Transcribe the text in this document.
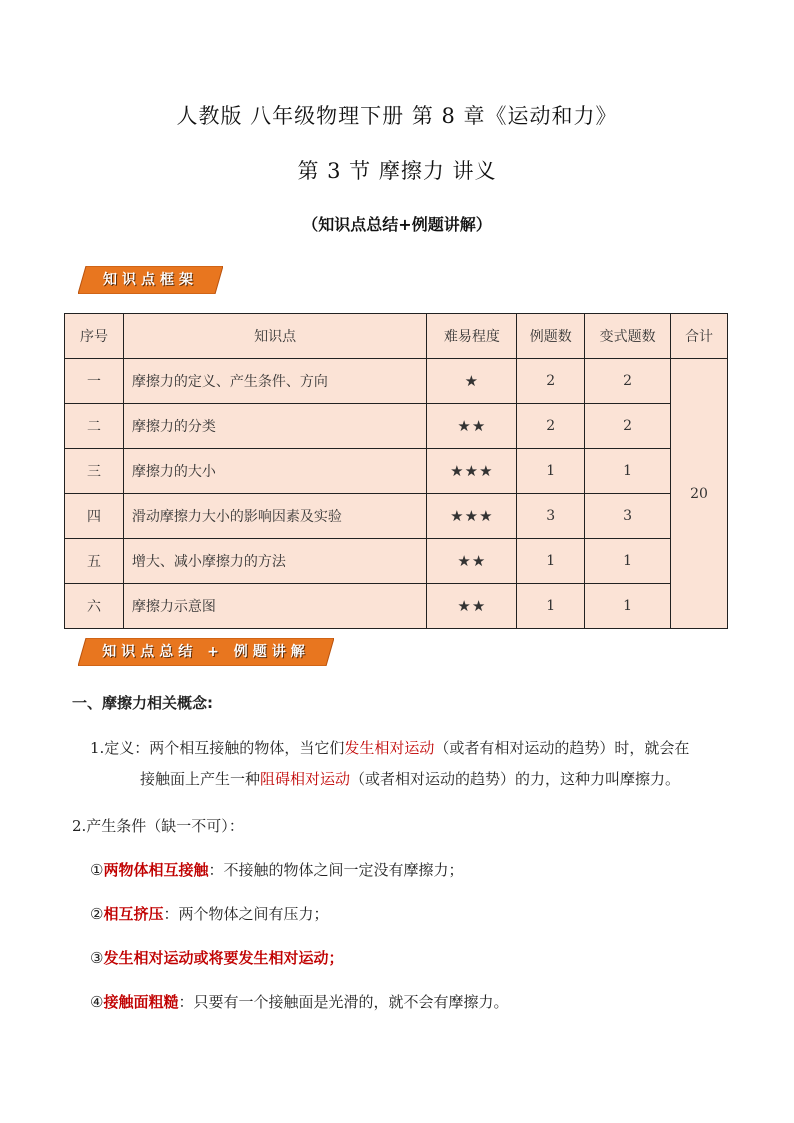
人教版 八年级物理下册 第 8 章《运动和力》
第 3 节 摩擦力 讲义
（知识点总结+例题讲解）
知识点框架
序号	知识点	难易程度	例题数	变式题数	合计
一	摩擦力的定义、产生条件、方向	★	2	2	20
二	摩擦力的分类	★★	2	2	
三	摩擦力的大小	★★★	1	1	
四	滑动摩擦力大小的影响因素及实验	★★★	3	3	
五	增大、减小摩擦力的方法	★★	1	1	
六	摩擦力示意图	★★	1	1	
知识点总结 + 例题讲解
一、摩擦力相关概念:
1.定义：两个相互接触的物体，当它们发生相对运动（或者有相对运动的趋势）时，就会在
接触面上产生一种阻碍相对运动（或者相对运动的趋势）的力，这种力叫摩擦力。
2.产生条件（缺一不可）：
①两物体相互接触：不接触的物体之间一定没有摩擦力；
②相互挤压：两个物体之间有压力；
③发生相对运动或将要发生相对运动；
④接触面粗糙：只要有一个接触面是光滑的，就不会有摩擦力。
